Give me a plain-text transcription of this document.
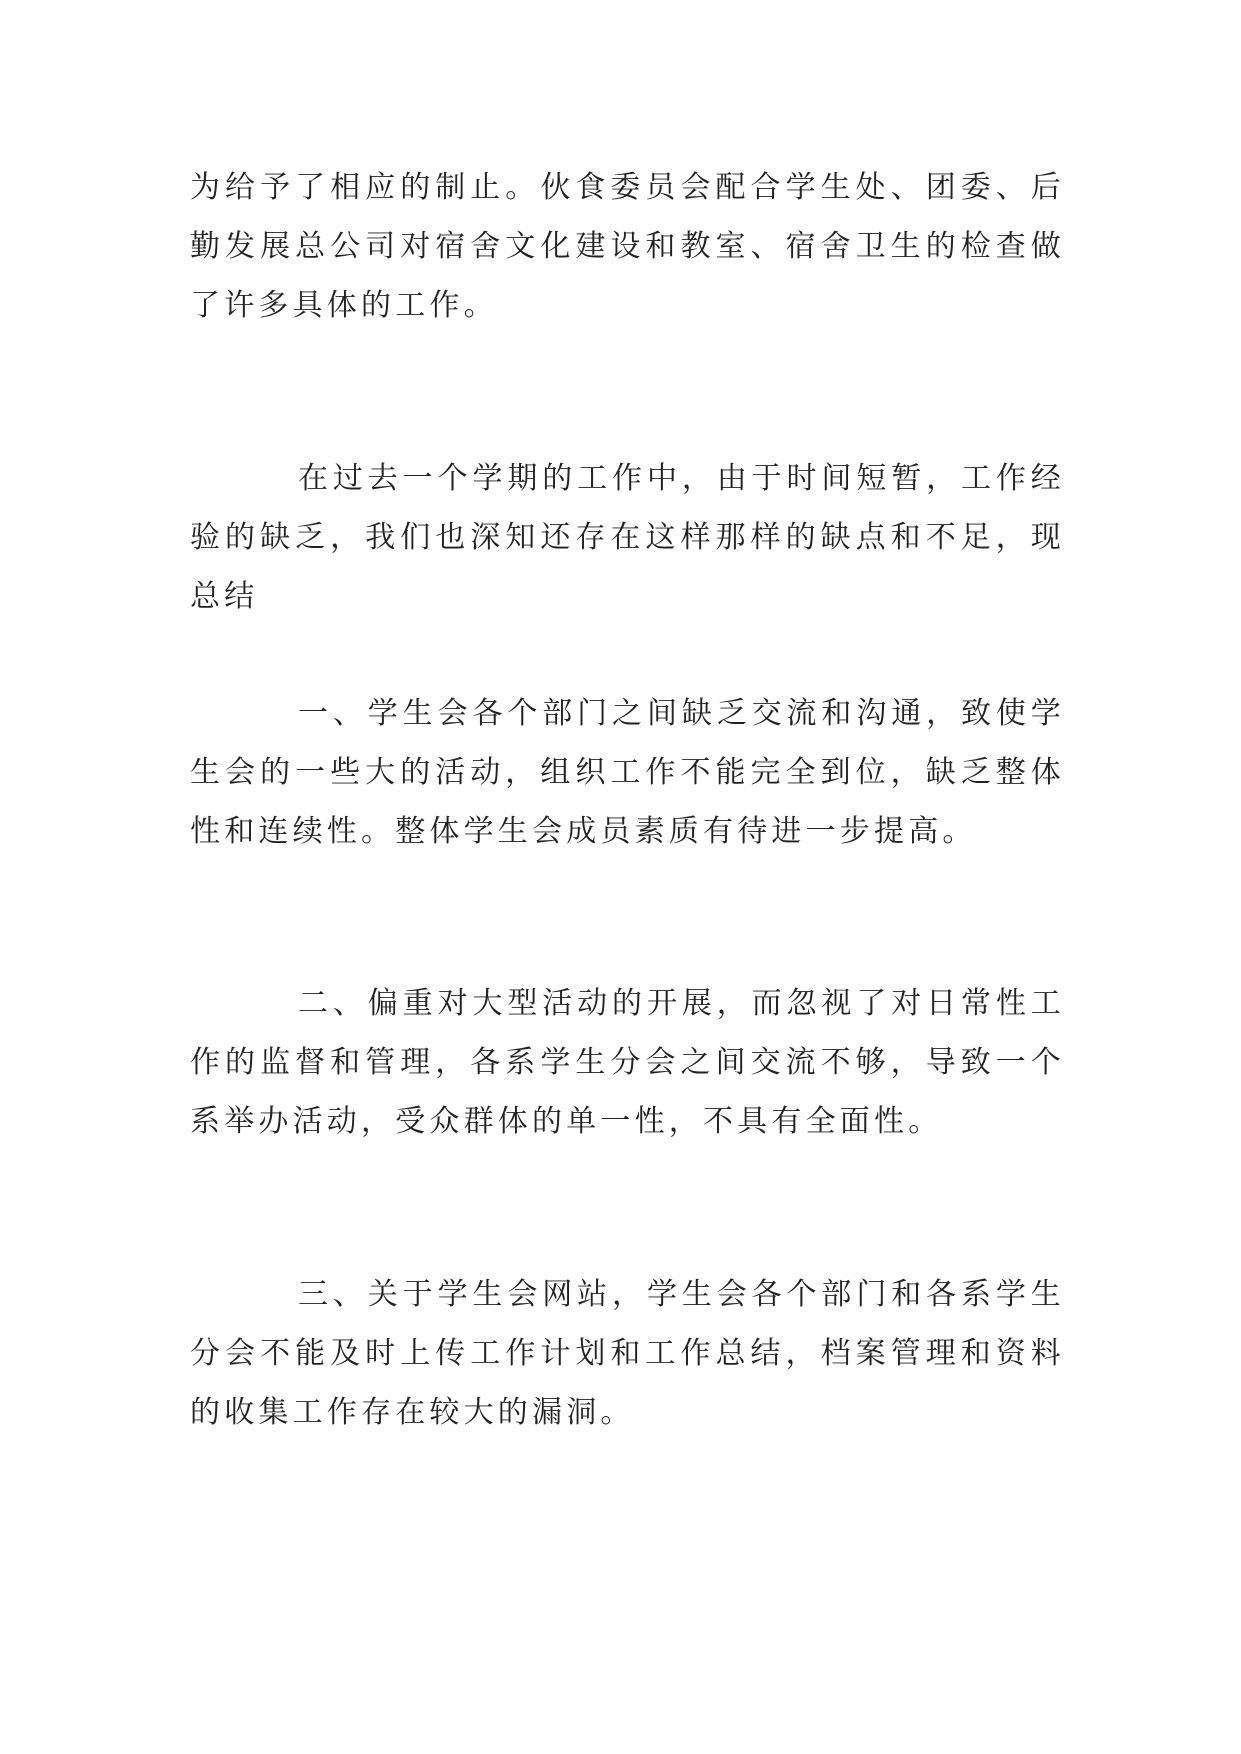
为给予了相应的制止。伙食委员会配合学生处、团委、后勤发展总公司对宿舍文化建设和教室、宿舍卫生的检查做了许多具体的工作。

在过去一个学期的工作中，由于时间短暂，工作经验的缺乏，我们也深知还存在这样那样的缺点和不足，现总结

一、学生会各个部门之间缺乏交流和沟通，致使学生会的一些大的活动，组织工作不能完全到位，缺乏整体性和连续性。整体学生会成员素质有待进一步提高。

二、偏重对大型活动的开展，而忽视了对日常性工作的监督和管理，各系学生分会之间交流不够，导致一个系举办活动，受众群体的单一性，不具有全面性。

三、关于学生会网站，学生会各个部门和各系学生分会不能及时上传工作计划和工作总结，档案管理和资料的收集工作存在较大的漏洞。
